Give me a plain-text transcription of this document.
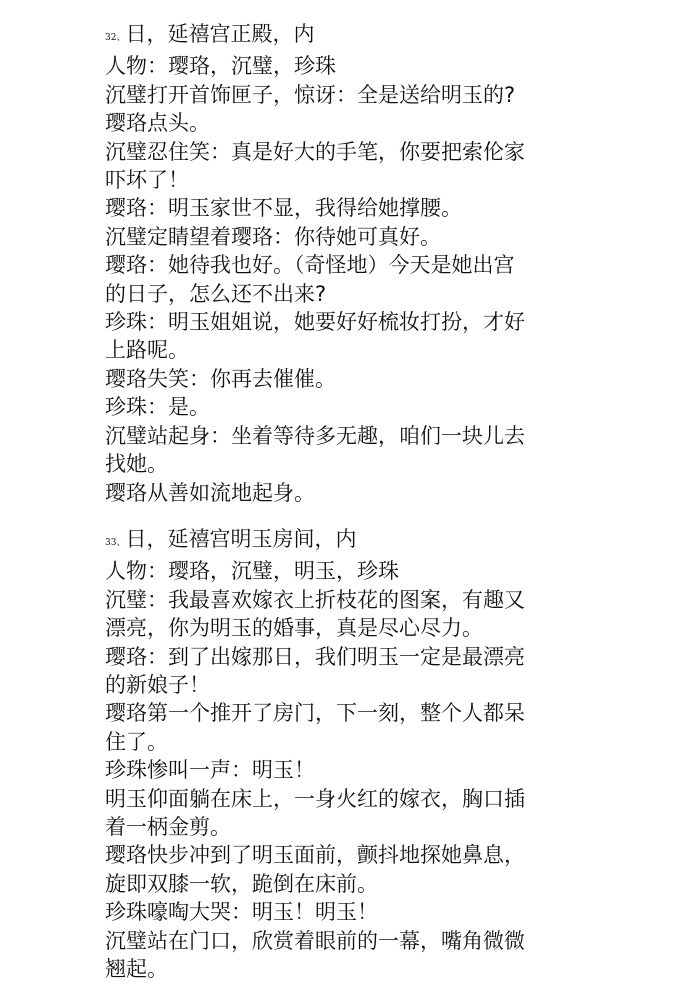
32、日，延禧宫正殿，内
人物：璎珞，沉璧，珍珠
沉璧打开首饰匣子，惊讶：全是送给明玉的?
璎珞点头。
沉璧忍住笑：真是好大的手笔，你要把索伦家
吓坏了！
璎珞：明玉家世不显，我得给她撑腰。
沉璧定睛望着璎珞：你待她可真好。
璎珞：她待我也好。（奇怪地）今天是她出宫
的日子，怎么还不出来?
珍珠：明玉姐姐说，她要好好梳妆打扮，才好
上路呢。
璎珞失笑：你再去催催。
珍珠：是。
沉璧站起身：坐着等待多无趣，咱们一块儿去
找她。
璎珞从善如流地起身。
33、日，延禧宫明玉房间，内
人物：璎珞，沉璧，明玉，珍珠
沉璧：我最喜欢嫁衣上折枝花的图案，有趣又
漂亮，你为明玉的婚事，真是尽心尽力。
璎珞：到了出嫁那日，我们明玉一定是最漂亮
的新娘子！
璎珞第一个推开了房门，下一刻，整个人都呆
住了。
珍珠惨叫一声：明玉！
明玉仰面躺在床上，一身火红的嫁衣，胸口插
着一柄金剪。
璎珞快步冲到了明玉面前，颤抖地探她鼻息，
旋即双膝一软，跪倒在床前。
珍珠嚎啕大哭：明玉！明玉！
沉璧站在门口，欣赏着眼前的一幕，嘴角微微
翘起。
